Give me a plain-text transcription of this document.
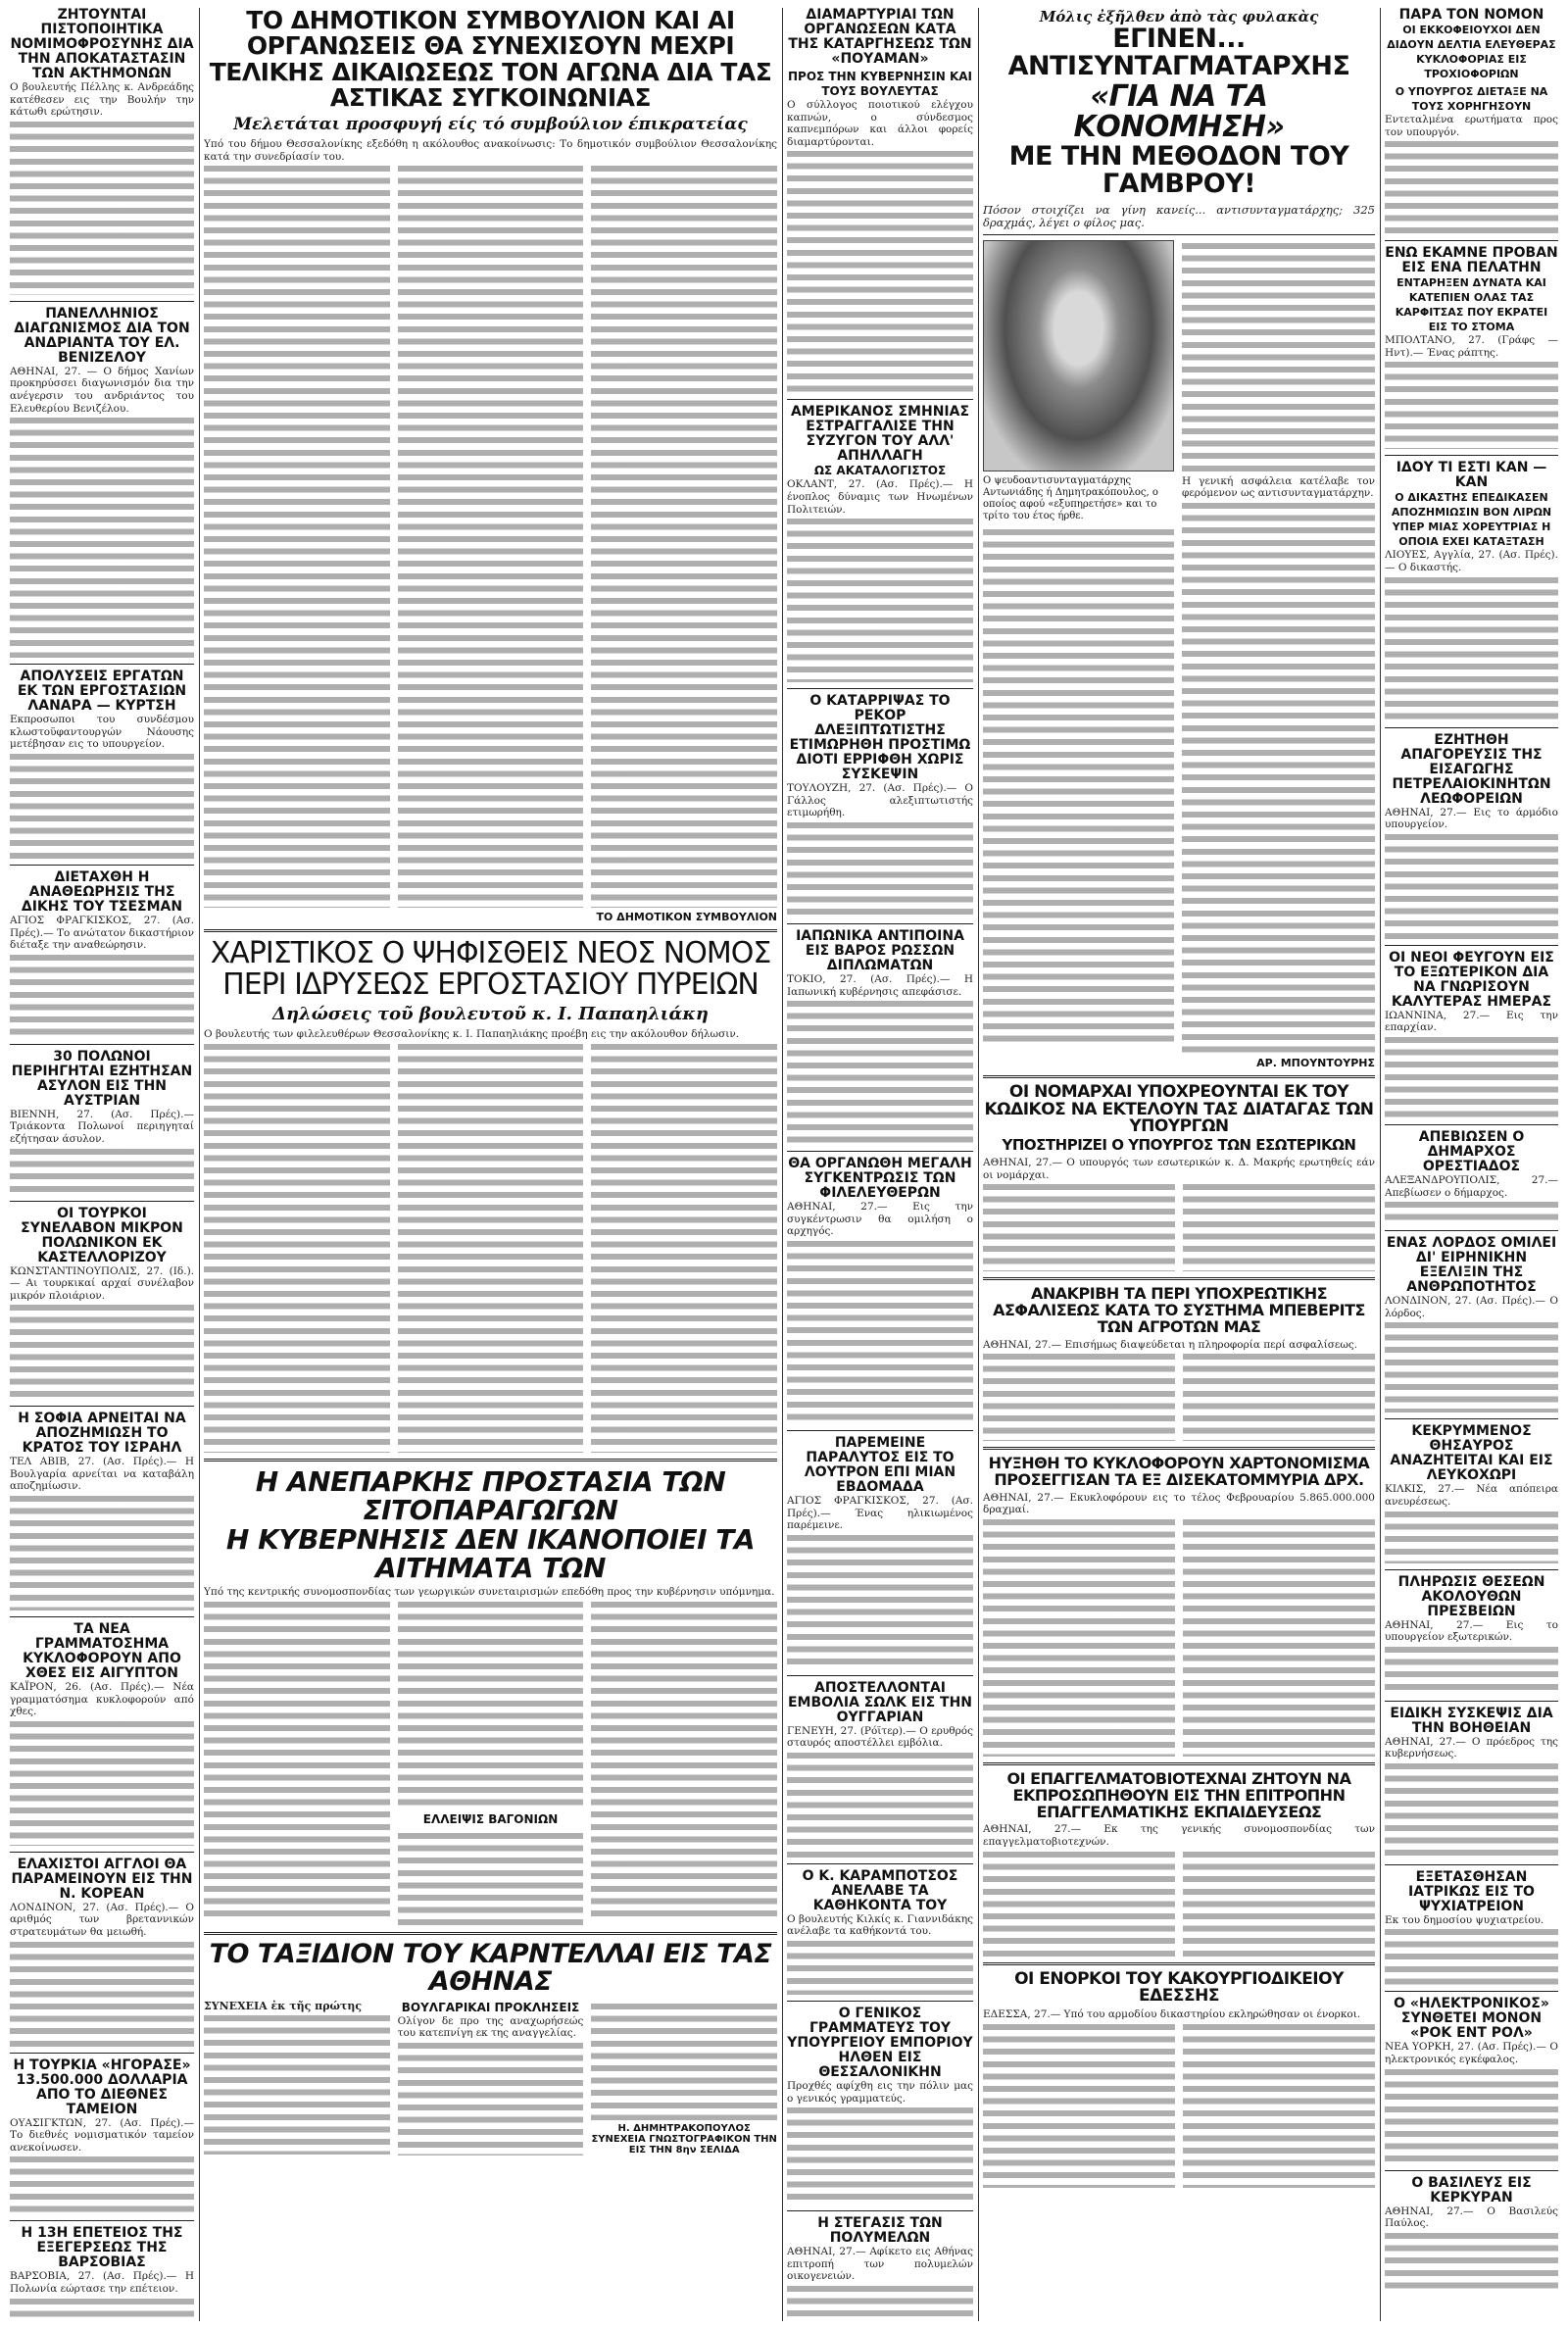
ΖΗΤΟΥΝΤΑΙ ΠΙΣΤΟΠΟΙΗΤΙΚΑ ΝΟΜΙΜΟΦΡΟΣΥΝΗΣ ΔΙΑ ΤΗΝ ΑΠΟΚΑΤΑΣΤΑΣΙΝ ΤΩΝ ΑΚΤΗΜΟΝΩΝ
Ο βουλευτής Πέλλης κ. Ανδρεάδης κατέθεσεν εις την Βουλήν την κάτωθι ερώτησιν.
ΠΑΝΕΛΛΗΝΙΟΣ ΔΙΑΓΩΝΙΣΜΟΣ ΔΙΑ ΤΟΝ ΑΝΔΡΙΑΝΤΑ ΤΟΥ ΕΛ. ΒΕΝΙΖΕΛΟΥ
ΑΘΗΝΑΙ, 27. — Ο δήμος Χανίων προκηρύσσει διαγωνισμόν δια την ανέγερσιν του ανδριάντος του Ελευθερίου Βενιζέλου.
ΑΠΟΛΥΣΕΙΣ ΕΡΓΑΤΩΝ ΕΚ ΤΩΝ ΕΡΓΟΣΤΑΣΙΩΝ ΛΑΝΑΡΑ — ΚΥΡΤΣΗ
Εκπροσωποι του συνδέσμου κλωστοϋφαντουργών Νάουσης μετέβησαν εις το υπουργείον.
ΔΙΕΤΑΧΘΗ Η ΑΝΑΘΕΩΡΗΣΙΣ ΤΗΣ ΔΙΚΗΣ ΤΟΥ ΤΣΕΣΜΑΝ
ΑΓΙΟΣ ΦΡΑΓΚΙΣΚΟΣ, 27. (Ασ. Πρές).— Το ανώτατον δικαστήριον διέταξε την αναθεώρησιν.
30 ΠΟΛΩΝΟΙ ΠΕΡΙΗΓΗΤΑΙ ΕΖΗΤΗΣΑΝ ΑΣΥΛΟΝ ΕΙΣ ΤΗΝ ΑΥΣΤΡΙΑΝ
ΒΙΕΝΝΗ, 27. (Ασ. Πρές).— Τριάκοντα Πολωνοί περιηγηταί εζήτησαν άσυλον.
ΟΙ ΤΟΥΡΚΟΙ ΣΥΝΕΛΑΒΟΝ ΜΙΚΡΟΝ ΠΟΛΩΝΙΚΟΝ ΕΚ ΚΑΣΤΕΛΛΟΡΙΖΟΥ
ΚΩΝΣΤΑΝΤΙΝΟΥΠΟΛΙΣ, 27. (Ιδ.).— Αι τουρκικαί αρχαί συνέλαβον μικρόν πλοιάριον.
Η ΣΟΦΙΑ ΑΡΝΕΙΤΑΙ ΝΑ ΑΠΟΖΗΜΙΩΣΗ ΤΟ ΚΡΑΤΟΣ ΤΟΥ ΙΣΡΑΗΛ
ΤΕΛ ΑΒΙΒ, 27. (Ασ. Πρές).— Η Βουλγαρία αρνείται να καταβάλη αποζημίωσιν.
ΤΑ ΝΕΑ ΓΡΑΜΜΑΤΟΣΗΜΑ ΚΥΚΛΟΦΟΡΟΥΝ ΑΠΟ ΧΘΕΣ ΕΙΣ ΑΙΓΥΠΤΟΝ
ΚΑΪΡΟΝ, 26. (Ασ. Πρές).— Νέα γραμματόσημα κυκλοφορούν από χθες.
ΕΛΑΧΙΣΤΟΙ ΑΓΓΛΟΙ ΘΑ ΠΑΡΑΜΕΙΝΟΥΝ ΕΙΣ ΤΗΝ Ν. ΚΟΡΕΑΝ
ΛΟΝΔΙΝΟΝ, 27. (Ασ. Πρές).— Ο αριθμός των βρεταννικών στρατευμάτων θα μειωθή.
Η ΤΟΥΡΚΙΑ «ΗΓΟΡΑΣΕ» 13.500.000 ΔΟΛΛΑΡΙΑ ΑΠΟ ΤΟ ΔΙΕΘΝΕΣ ΤΑΜΕΙΟΝ
ΟΥΑΣΙΓΚΤΩΝ, 27. (Ασ. Πρές).— Το διεθνές νομισματικόν ταμείον ανεκοίνωσεν.
Η 13Η ΕΠΕΤΕΙΟΣ ΤΗΣ ΕΞΕΓΕΡΣΕΩΣ ΤΗΣ ΒΑΡΣΟΒΙΑΣ
ΒΑΡΣΟΒΙΑ, 27. (Ασ. Πρές).— Η Πολωνία εώρτασε την επέτειον.
ΤΟ ΔΗΜΟΤΙΚΟΝ ΣΥΜΒΟΥΛΙΟΝ ΚΑΙ ΑΙ ΟΡΓΑΝΩΣΕΙΣ ΘΑ ΣΥΝΕΧΙΣΟΥΝ ΜΕΧΡΙ ΤΕΛΙΚΗΣ ΔΙΚΑΙΩΣΕΩΣ ΤΟΝ ΑΓΩΝΑ ΔΙΑ ΤΑΣ ΑΣΤΙΚΑΣ ΣΥΓΚΟΙΝΩΝΙΑΣ
Μελετάται προσφυγή είς τό συμβούλιον έπικρατείας
Υπό του δήμου Θεσσαλονίκης εξεδόθη η ακόλουθος ανακοίνωσις: Το δημοτικόν συμβούλιον Θεσσαλονίκης κατά την συνεδρίασίν του.
ΤΟ ΔΗΜΟΤΙΚΟΝ ΣΥΜΒΟΥΛΙΟΝ
ΧΑΡΙΣΤΙΚΟΣ Ο ΨΗΦΙΣΘΕΙΣ ΝΕΟΣ ΝΟΜΟΣ ΠΕΡΙ ΙΔΡΥΣΕΩΣ ΕΡΓΟΣΤΑΣΙΟΥ ΠΥΡΕΙΩΝ
Δηλώσεις τοῦ βουλευτοῦ κ. Ι. Παπαηλιάκη
Ο βουλευτής των φιλελευθέρων Θεσσαλονίκης κ. Ι. Παπαηλιάκης προέβη εις την ακόλουθον δήλωσιν.
Η ΑΝΕΠΑΡΚΗΣ ΠΡΟΣΤΑΣΙΑ ΤΩΝ ΣΙΤΟΠΑΡΑΓΩΓΩΝ
Η ΚΥΒΕΡΝΗΣΙΣ ΔΕΝ ΙΚΑΝΟΠΟΙΕΙ ΤΑ ΑΙΤΗΜΑΤΑ ΤΩΝ
Υπό της κεντρικής συνομοσπονδίας των γεωργικών συνεταιρισμών επεδόθη προς την κυβέρνησιν υπόμνημα.
ΕΛΛΕΙΨΙΣ ΒΑΓΟΝΙΩΝ
ΤΟ ΤΑΞΙΔΙΟΝ ΤΟΥ ΚΑΡΝΤΕΛΛΑΙ ΕΙΣ ΤΑΣ ΑΘΗΝΑΣ
ΣΥΝΕΧΕΙΑ ἐκ τῆς πρώτης	ΒΟΥΛΓΑΡΙΚΑΙ ΠΡΟΚΛΗΣΕΙΣ
Ολίγον δε προ της αναχωρήσεώς του κατεπνίγη εκ της αναγγελίας.
Η. ΔΗΜΗΤΡΑΚΟΠΟΥΛΟΣ ΣΥΝΕΧΕΙΑ ΓΝΩΣΤΟΓΡΑΦΙΚΟΝ ΤΗΝ ΕΙΣ ΤΗΝ 8ην ΣΕΛΙΔΑ
ΔΙΑΜΑΡΤΥΡΙΑΙ ΤΩΝ ΟΡΓΑΝΩΣΕΩΝ ΚΑΤΑ ΤΗΣ ΚΑΤΑΡΓΗΣΕΩΣ ΤΩΝ «ΠΟΥΑΜΑΝ»
ΠΡΟΣ ΤΗΝ ΚΥΒΕΡΝΗΣΙΝ ΚΑΙ ΤΟΥΣ ΒΟΥΛΕΥΤΑΣ
Ο σύλλογος ποιοτικού ελέγχου καπνών, ο σύνδεσμος καπνεμπόρων και άλλοι φορείς διαμαρτύρονται.
ΑΜΕΡΙΚΑΝΟΣ ΣΜΗΝΙΑΣ ΕΣΤΡΑΓΓΑΛΙΣΕ ΤΗΝ ΣΥΖΥΓΟΝ ΤΟΥ ΑΛΛ' ΑΠΗΛΛΑΓΗ
ΩΣ ΑΚΑΤΑΛΟΓΙΣΤΟΣ
ΟΚΛΑΝΤ, 27. (Ασ. Πρές).— Η ένοπλος δύναμις των Ηνωμένων Πολιτειών.
Ο ΚΑΤΑΡΡΙΨΑΣ ΤΟ ΡΕΚΟΡ ΔΛΕΞΙΠΤΩΤΙΣΤΗΣ ΕΤΙΜΩΡΗΘΗ ΠΡΟΣΤΙΜΩ ΔΙΟΤΙ ΕΡΡΙΦΘΗ ΧΩΡΙΣ ΣΥΣΚΕΨΙΝ
ΤΟΥΛΟΥΖΗ, 27. (Ασ. Πρές).— Ο Γάλλος αλεξιπτωτιστής ετιμωρήθη.
ΙΑΠΩΝΙΚΑ ΑΝΤΙΠΟΙΝΑ ΕΙΣ ΒΑΡΟΣ ΡΩΣΣΩΝ ΔΙΠΛΩΜΑΤΩΝ
ΤΟΚΙΟ, 27. (Ασ. Πρές).— Η Ιαπωνική κυβέρνησις απεφάσισε.
ΘΑ ΟΡΓΑΝΩΘΗ ΜΕΓΑΛΗ ΣΥΓΚΕΝΤΡΩΣΙΣ ΤΩΝ ΦΙΛΕΛΕΥΘΕΡΩΝ
ΑΘΗΝΑΙ, 27.— Εις την συγκέντρωσιν θα ομιλήση ο αρχηγός.
ΠΑΡΕΜΕΙΝΕ ΠΑΡΑΛΥΤΟΣ ΕΙΣ ΤΟ ΛΟΥΤΡΟΝ ΕΠΙ ΜΙΑΝ ΕΒΔΟΜΑΔΑ
ΑΓΙΟΣ ΦΡΑΓΚΙΣΚΟΣ, 27. (Ασ. Πρές).— Ένας ηλικιωμένος παρέμεινε.
ΑΠΟΣΤΕΛΛΟΝΤΑΙ ΕΜΒΟΛΙΑ ΣΩΛΚ ΕΙΣ ΤΗΝ ΟΥΓΓΑΡΙΑΝ
ΓΕΝΕΥΗ, 27. (Ρόϊτερ).— Ο ερυθρός σταυρός αποστέλλει εμβόλια.
Ο Κ. ΚΑΡΑΜΠΟΤΣΟΣ ΑΝΕΛΑΒΕ ΤΑ ΚΑΘΗΚΟΝΤΑ ΤΟΥ
Ο βουλευτής Κιλκίς κ. Γιαννιδάκης ανέλαβε τα καθήκοντά του.
Ο ΓΕΝΙΚΟΣ ΓΡΑΜΜΑΤΕΥΣ ΤΟΥ ΥΠΟΥΡΓΕΙΟΥ ΕΜΠΟΡΙΟΥ ΗΛΘΕΝ ΕΙΣ ΘΕΣΣΑΛΟΝΙΚΗΝ
Προχθές αφίχθη εις την πόλιν μας ο γενικός γραμματεύς.
Η ΣΤΕΓΑΣΙΣ ΤΩΝ ΠΟΛΥΜΕΛΩΝ
ΑΘΗΝΑΙ, 27.— Αφίκετο εις Αθήνας επιτροπή των πολυμελών οικογενειών.
Μόλις ἐξῆλθεν ἀπὸ τὰς φυλακὰς
ΕΓΙΝΕΝ... ΑΝΤΙΣΥΝΤΑΓΜΑΤΑΡΧΗΣ
«ΓΙΑ ΝΑ ΤΑ ΚΟΝΟΜΗΣΗ»
ΜΕ ΤΗΝ ΜΕΘΟΔΟΝ ΤΟΥ ΓΑΜΒΡΟΥ!
Πόσον στοιχίζει να γίνη κανείς... αντισυνταγματάρχης; 325 δραχμάς, λέγει ο φίλος μας.
Ο ψευδοαντισυνταγματάρχης Αντωνιάδης ή Δημητρακόπουλος, ο οποίος αφού «εξυπηρετήσε» και το τρίτο του έτος ήρθε.
Η γενική ασφάλεια κατέλαβε τον φερόμενον ως αντισυνταγματάρχην.
ΑΡ. ΜΠΟΥΝΤΟΥΡΗΣ
ΟΙ ΝΟΜΑΡΧΑΙ ΥΠΟΧΡΕΟΥΝΤΑΙ ΕΚ ΤΟΥ ΚΩΔΙΚΟΣ ΝΑ ΕΚΤΕΛΟΥΝ ΤΑΣ ΔΙΑΤΑΓΑΣ ΤΩΝ ΥΠΟΥΡΓΩΝ
ΥΠΟΣΤΗΡΙΖΕΙ Ο ΥΠΟΥΡΓΟΣ ΤΩΝ ΕΣΩΤΕΡΙΚΩΝ
ΑΘΗΝΑΙ, 27.— Ο υπουργός των εσωτερικών κ. Δ. Μακρής ερωτηθείς εάν οι νομάρχαι.
ΑΝΑΚΡΙΒΗ ΤΑ ΠΕΡΙ ΥΠΟΧΡΕΩΤΙΚΗΣ ΑΣΦΑΛΙΣΕΩΣ ΚΑΤΑ ΤΟ ΣΥΣΤΗΜΑ ΜΠΕΒΕΡΙΤΣ ΤΩΝ ΑΓΡΟΤΩΝ ΜΑΣ
ΑΘΗΝΑΙ, 27.— Επισήμως διαψεύδεται η πληροφορία περί ασφαλίσεως.
ΗΥΞΗΘΗ ΤΟ ΚΥΚΛΟΦΟΡΟΥΝ ΧΑΡΤΟΝΟΜΙΣΜΑ ΠΡΟΣΕΓΓΙΣΑΝ ΤΑ ΕΞ ΔΙΣΕΚΑΤΟΜΜΥΡΙΑ ΔΡΧ.
ΑΘΗΝΑΙ, 27.— Εκυκλοφόρουν εις το τέλος Φεβρουαρίου 5.865.000.000 δραχμαί.
ΟΙ ΕΠΑΓΓΕΛΜΑΤΟΒΙΟΤΕΧΝΑΙ ΖΗΤΟΥΝ ΝΑ ΕΚΠΡΟΣΩΠΗΘΟΥΝ ΕΙΣ ΤΗΝ ΕΠΙΤΡΟΠΗΝ ΕΠΑΓΓΕΛΜΑΤΙΚΗΣ ΕΚΠΑΙΔΕΥΣΕΩΣ
ΑΘΗΝΑΙ, 27.— Εκ της γενικής συνομοσπονδίας των επαγγελματοβιοτεχνών.
ΟΙ ΕΝΟΡΚΟΙ ΤΟΥ ΚΑΚΟΥΡΓΙΟΔΙΚΕΙΟΥ ΕΔΕΣΣΗΣ
ΕΔΕΣΣΑ, 27.— Υπό του αρμοδίου δικαστηρίου εκληρώθησαν οι ένορκοι.
ΠΑΡΑ ΤΟΝ ΝΟΜΟΝ
ΟΙ ΕΚΚΟΦΕΙΟΥΧΟΙ ΔΕΝ ΔΙΔΟΥΝ ΔΕΛΤΙΑ ΕΛΕΥΘΕΡΑΣ ΚΥΚΛΟΦΟΡΙΑΣ ΕΙΣ ΤΡΟΧΙΟΦΟΡΙΩΝ
Ο ΥΠΟΥΡΓΟΣ ΔΙΕΤΑΞΕ ΝΑ ΤΟΥΣ ΧΟΡΗΓΗΣΟΥΝ
Εντεταλμένα ερωτήματα προς τον υπουργόν.
ΕΝΩ ΕΚΑΜΝΕ ΠΡΟΒΑΝ ΕΙΣ ΕΝΑ ΠΕΛΑΤΗΝ
ΕΝΤΑΡΗΞΕΝ ΔΥΝΑΤΑ ΚΑΙ ΚΑΤΕΠΙΕΝ ΟΛΑΣ ΤΑΣ ΚΑΡΦΙΤΣΑΣ ΠΟΥ ΕΚΡΑΤΕΙ ΕΙΣ ΤΟ ΣΤΟΜΑ
ΜΠΟΛΤΑΝΟ, 27. (Γράφς — Ηντ).— Ένας ράπτης.
ΙΔΟΥ ΤΙ ΕΣΤΙ ΚΑΝ — ΚΑΝ
Ο ΔΙΚΑΣΤΗΣ ΕΠΕΔΙΚΑΣΕΝ ΑΠΟΖΗΜΙΩΣΙΝ ΒΟΝ ΛΙΡΩΝ ΥΠΕΡ ΜΙΑΣ ΧΟΡΕΥΤΡΙΑΣ Η ΟΠΟΙΑ ΕΧΕΙ ΚΑΤΑΞΤΑΣΗ
ΛΙΟΥΕΣ, Αγγλία, 27. (Ασ. Πρές).— Ο δικαστής.
ΕΖΗΤΗΘΗ ΑΠΑΓΟΡΕΥΣΙΣ ΤΗΣ ΕΙΣΑΓΩΓΗΣ ΠΕΤΡΕΛΑΙΟΚΙΝΗΤΩΝ ΛΕΩΦΟΡΕΙΩΝ
ΑΘΗΝΑΙ, 27.— Εις το άρμόδιο υπουργείον.
ΟΙ ΝΕΟΙ ΦΕΥΓΟΥΝ ΕΙΣ ΤΟ ΕΞΩΤΕΡΙΚΟΝ ΔΙΑ ΝΑ ΓΝΩΡΙΣΟΥΝ ΚΑΛΥΤΕΡΑΣ ΗΜΕΡΑΣ
ΙΩΑΝΝΙΝΑ, 27.— Εις την επαρχίαν.
ΑΠΕΒΙΩΣΕΝ Ο ΔΗΜΑΡΧΟΣ ΟΡΕΣΤΙΑΔΟΣ
ΑΛΕΞΑΝΔΡΟΥΠΟΛΙΣ, 27.— Απεβίωσεν ο δήμαρχος.
ΕΝΑΣ ΛΟΡΔΟΣ ΟΜΙΛΕΙ ΔΙ' ΕΙΡΗΝΙΚΗΝ ΕΞΕΛΙΞΙΝ ΤΗΣ ΑΝΘΡΩΠΟΤΗΤΟΣ
ΛΟΝΔΙΝΟΝ, 27. (Ασ. Πρές).— Ο λόρδος.
ΚΕΚΡΥΜΜΕΝΟΣ ΘΗΣΑΥΡΟΣ ΑΝΑΖΗΤΕΙΤΑΙ ΚΑΙ ΕΙΣ ΛΕΥΚΟΧΩΡΙ
ΚΙΛΚΙΣ, 27.— Νέα απόπειρα ανευρέσεως.
ΠΛΗΡΩΣΙΣ ΘΕΣΕΩΝ ΑΚΟΛΟΥΘΩΝ ΠΡΕΣΒΕΙΩΝ
ΑΘΗΝΑΙ, 27.— Εις το υπουργείον εξωτερικών.
ΕΙΔΙΚΗ ΣΥΣΚΕΨΙΣ ΔΙΑ ΤΗΝ ΒΟΗΘΕΙΑΝ
ΑΘΗΝΑΙ, 27.— Ο πρόεδρος της κυβερνήσεως.
ΕΞΕΤΑΣΘΗΣΑΝ ΙΑΤΡΙΚΩΣ ΕΙΣ ΤΟ ΨΥΧΙΑΤΡΕΙΟΝ
Εκ του δημοσίου ψυχιατρείου.
Ο «ΗΛΕΚΤΡΟΝΙΚΟΣ» ΣΥΝΘΕΤΕΙ ΜΟΝΟΝ «ΡΟΚ ΕΝΤ ΡΟΛ»
ΝΕΑ ΥΟΡΚΗ, 27. (Ασ. Πρές).— Ο ηλεκτρονικός εγκέφαλος.
Ο ΒΑΣΙΛΕΥΣ ΕΙΣ ΚΕΡΚΥΡΑΝ
ΑΘΗΝΑΙ, 27.— Ο Βασιλεύς Παύλος.
